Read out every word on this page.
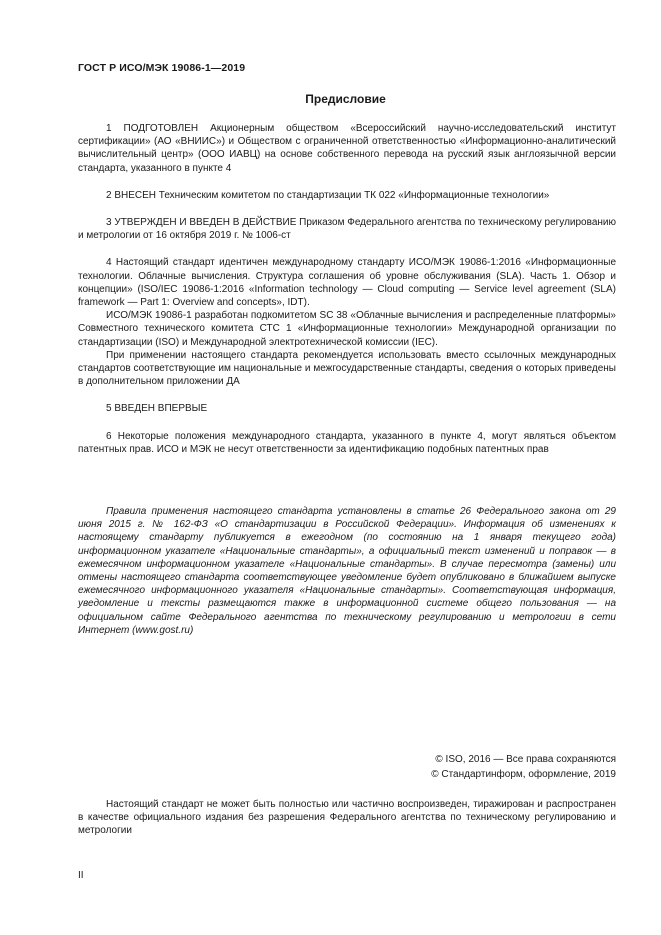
ГОСТ Р ИСО/МЭК 19086-1—2019
Предисловие

1 ПОДГОТОВЛЕН Акционерным обществом «Всероссийский научно-исследовательский институт сертификации» (АО «ВНИИС») и Обществом с ограниченной ответственностью «Информационно-аналитический вычислительный центр» (ООО ИАВЦ) на основе собственного перевода на русский язык англоязычной версии стандарта, указанного в пункте 4

2 ВНЕСЕН Техническим комитетом по стандартизации ТК 022 «Информационные технологии»

3 УТВЕРЖДЕН И ВВЕДЕН В ДЕЙСТВИЕ Приказом Федерального агентства по техническому регулированию и метрологии от 16 октября 2019 г. № 1006-ст

4 Настоящий стандарт идентичен международному стандарту ИСО/МЭК 19086-1:2016 «Информационные технологии. Облачные вычисления. Структура соглашения об уровне обслуживания (SLA). Часть 1. Обзор и концепции» (ISO/IEC 19086-1:2016 «Information technology — Cloud computing — Service level agreement (SLA) framework — Part 1: Overview and concepts», IDT).

ИСО/МЭК 19086-1 разработан подкомитетом SC 38 «Облачные вычисления и распределенные платформы» Совместного технического комитета СТС 1 «Информационные технологии» Международной организации по стандартизации (ISO) и Международной электротехнической комиссии (IEC).

При применении настоящего стандарта рекомендуется использовать вместо ссылочных международных стандартов соответствующие им национальные и межгосударственные стандарты, сведения о которых приведены в дополнительном приложении ДА

5 ВВЕДЕН ВПЕРВЫЕ

6 Некоторые положения международного стандарта, указанного в пункте 4, могут являться объектом патентных прав. ИСО и МЭК не несут ответственности за идентификацию подобных патентных прав

Правила применения настоящего стандарта установлены в статье 26 Федерального закона от 29 июня 2015 г. № 162-ФЗ «О стандартизации в Российской Федерации». Информация об изменениях к настоящему стандарту публикуется в ежегодном (по состоянию на 1 января текущего года) информационном указателе «Национальные стандарты», а официальный текст изменений и поправок — в ежемесячном информационном указателе «Национальные стандарты». В случае пересмотра (замены) или отмены настоящего стандарта соответствующее уведомление будет опубликовано в ближайшем выпуске ежемесячного информационного указателя «Национальные стандарты». Соответствующая информация, уведомление и тексты размещаются также в информационной системе общего пользования — на официальном сайте Федерального агентства по техническому регулированию и метрологии в сети Интернет (www.gost.ru)

© ISO, 2016 — Все права сохраняются
© Стандартинформ, оформление, 2019

Настоящий стандарт не может быть полностью или частично воспроизведен, тиражирован и распространен в качестве официального издания без разрешения Федерального агентства по техническому регулированию и метрологии

II
